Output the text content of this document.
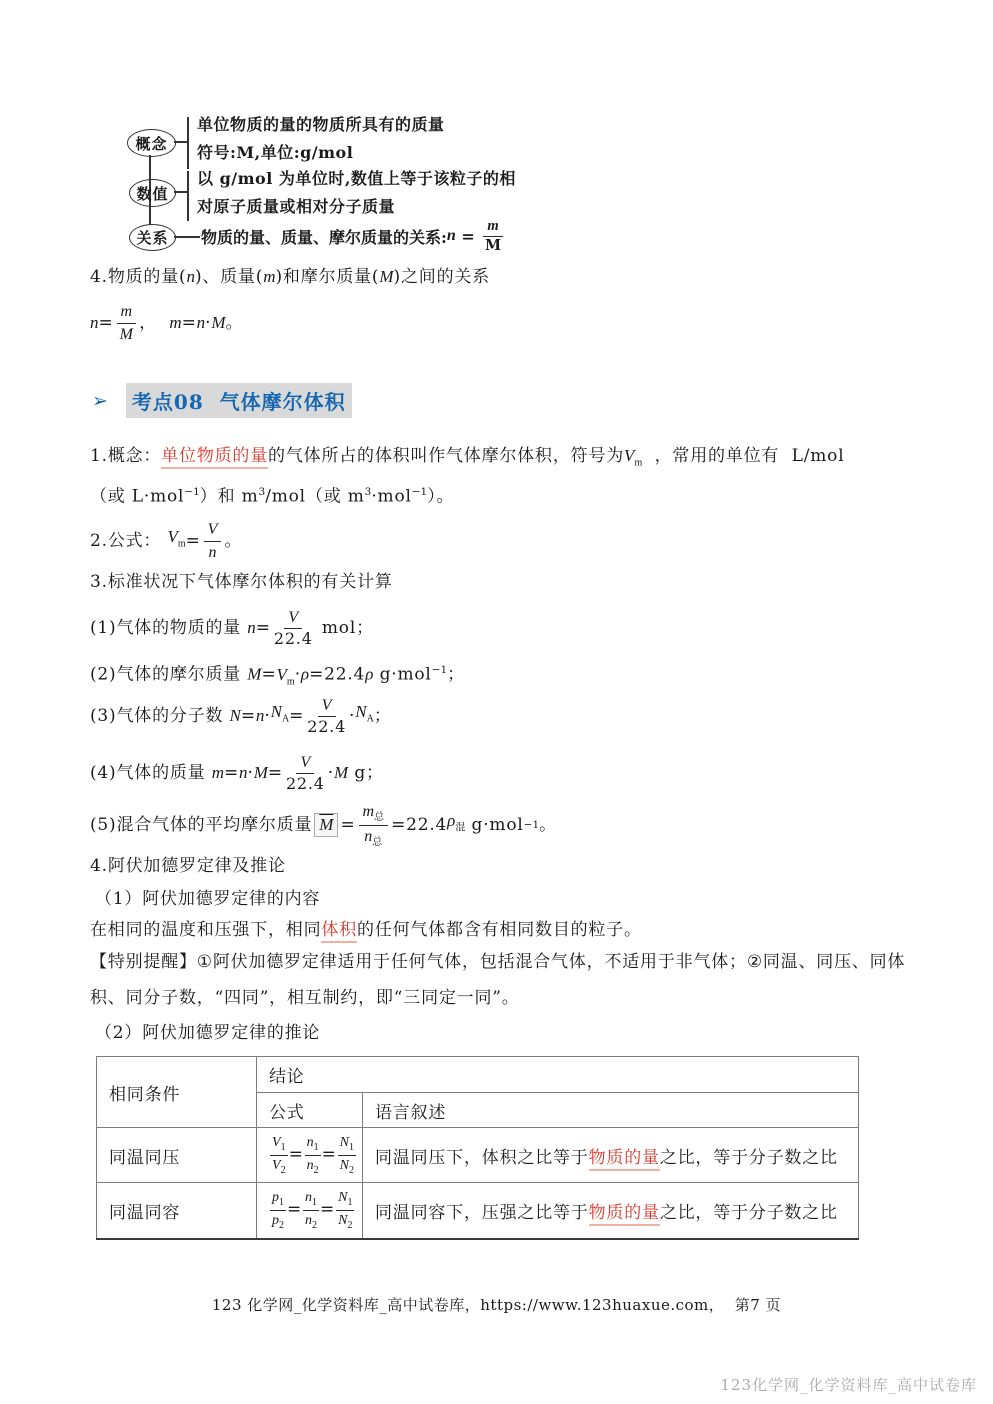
概念
数值
关系
单位物质的量的物质所具有的质量
符号:M,单位:g/mol
以 g/mol 为单位时,数值上等于该粒子的相
对原子质量或相对分子质量
物质的量、质量、摩尔质量的关系: $n = \frac{m}{M}$
4.物质的量(n)、质量(m)和摩尔质量(M)之间的关系
$n = \frac{m}{M}$ ， m = n · M 。
➢	考点08  气体摩尔体积
1.概念：单位物质的量的气体所占的体积叫作气体摩尔体积，符号为$V_m$  ，常用的单位有  L/mol
（或 L·mol$^{-1}$）和 $m^3/mol$（或 $m^3\cdot mol^{-1}$）。
2.公式： $V_m = \frac{V}{n}$ 。
3.标准状况下气体摩尔体积的有关计算
(1)气体的物质的量 $n = \frac{V}{22.4}$ mol；
(2)气体的摩尔质量 $M=V_m\cdot\rho=22.4\rho$ g·mol$^{-1}$；
(3)气体的分子数 $N = n \cdot N_A = \frac{V}{22.4} \cdot N_A$ ；
(4)气体的质量 $m = n \cdot M = \frac{V}{22.4} \cdot M$ g；
(5)混合气体的平均摩尔质量 $\overline{M} = \frac{m_总}{n_总} =22.4$ $\rho_混$ g·mol −1 。
4.阿伏加德罗定律及推论
（1）阿伏加德罗定律的内容
在相同的温度和压强下，相同体积的任何气体都含有相同数目的粒子。
【特别提醒】①阿伏加德罗定律适用于任何气体，包括混合气体，不适用于非气体；②同温、同压、同体
积、同分子数，“四同”，相互制约，即“三同定一同”。
（2）阿伏加德罗定律的推论
相同条件	结论	
	公式	语言叙述
同温同压	$\frac{V_1}{V_2} = \frac{n_1}{n_2} = \frac{N_1}{N_2}$	同温同压下，体积之比等于物质的量之比，等于分子数之比
同温同容	$\frac{p_1}{p_2} = \frac{n_1}{n_2} = \frac{N_1}{N_2}$	同温同容下，压强之比等于物质的量之比，等于分子数之比
123 化学网_化学资料库_高中试卷库，https://www.123huaxue.com，  第7 页
123化学网_化学资料库_高中试卷库
